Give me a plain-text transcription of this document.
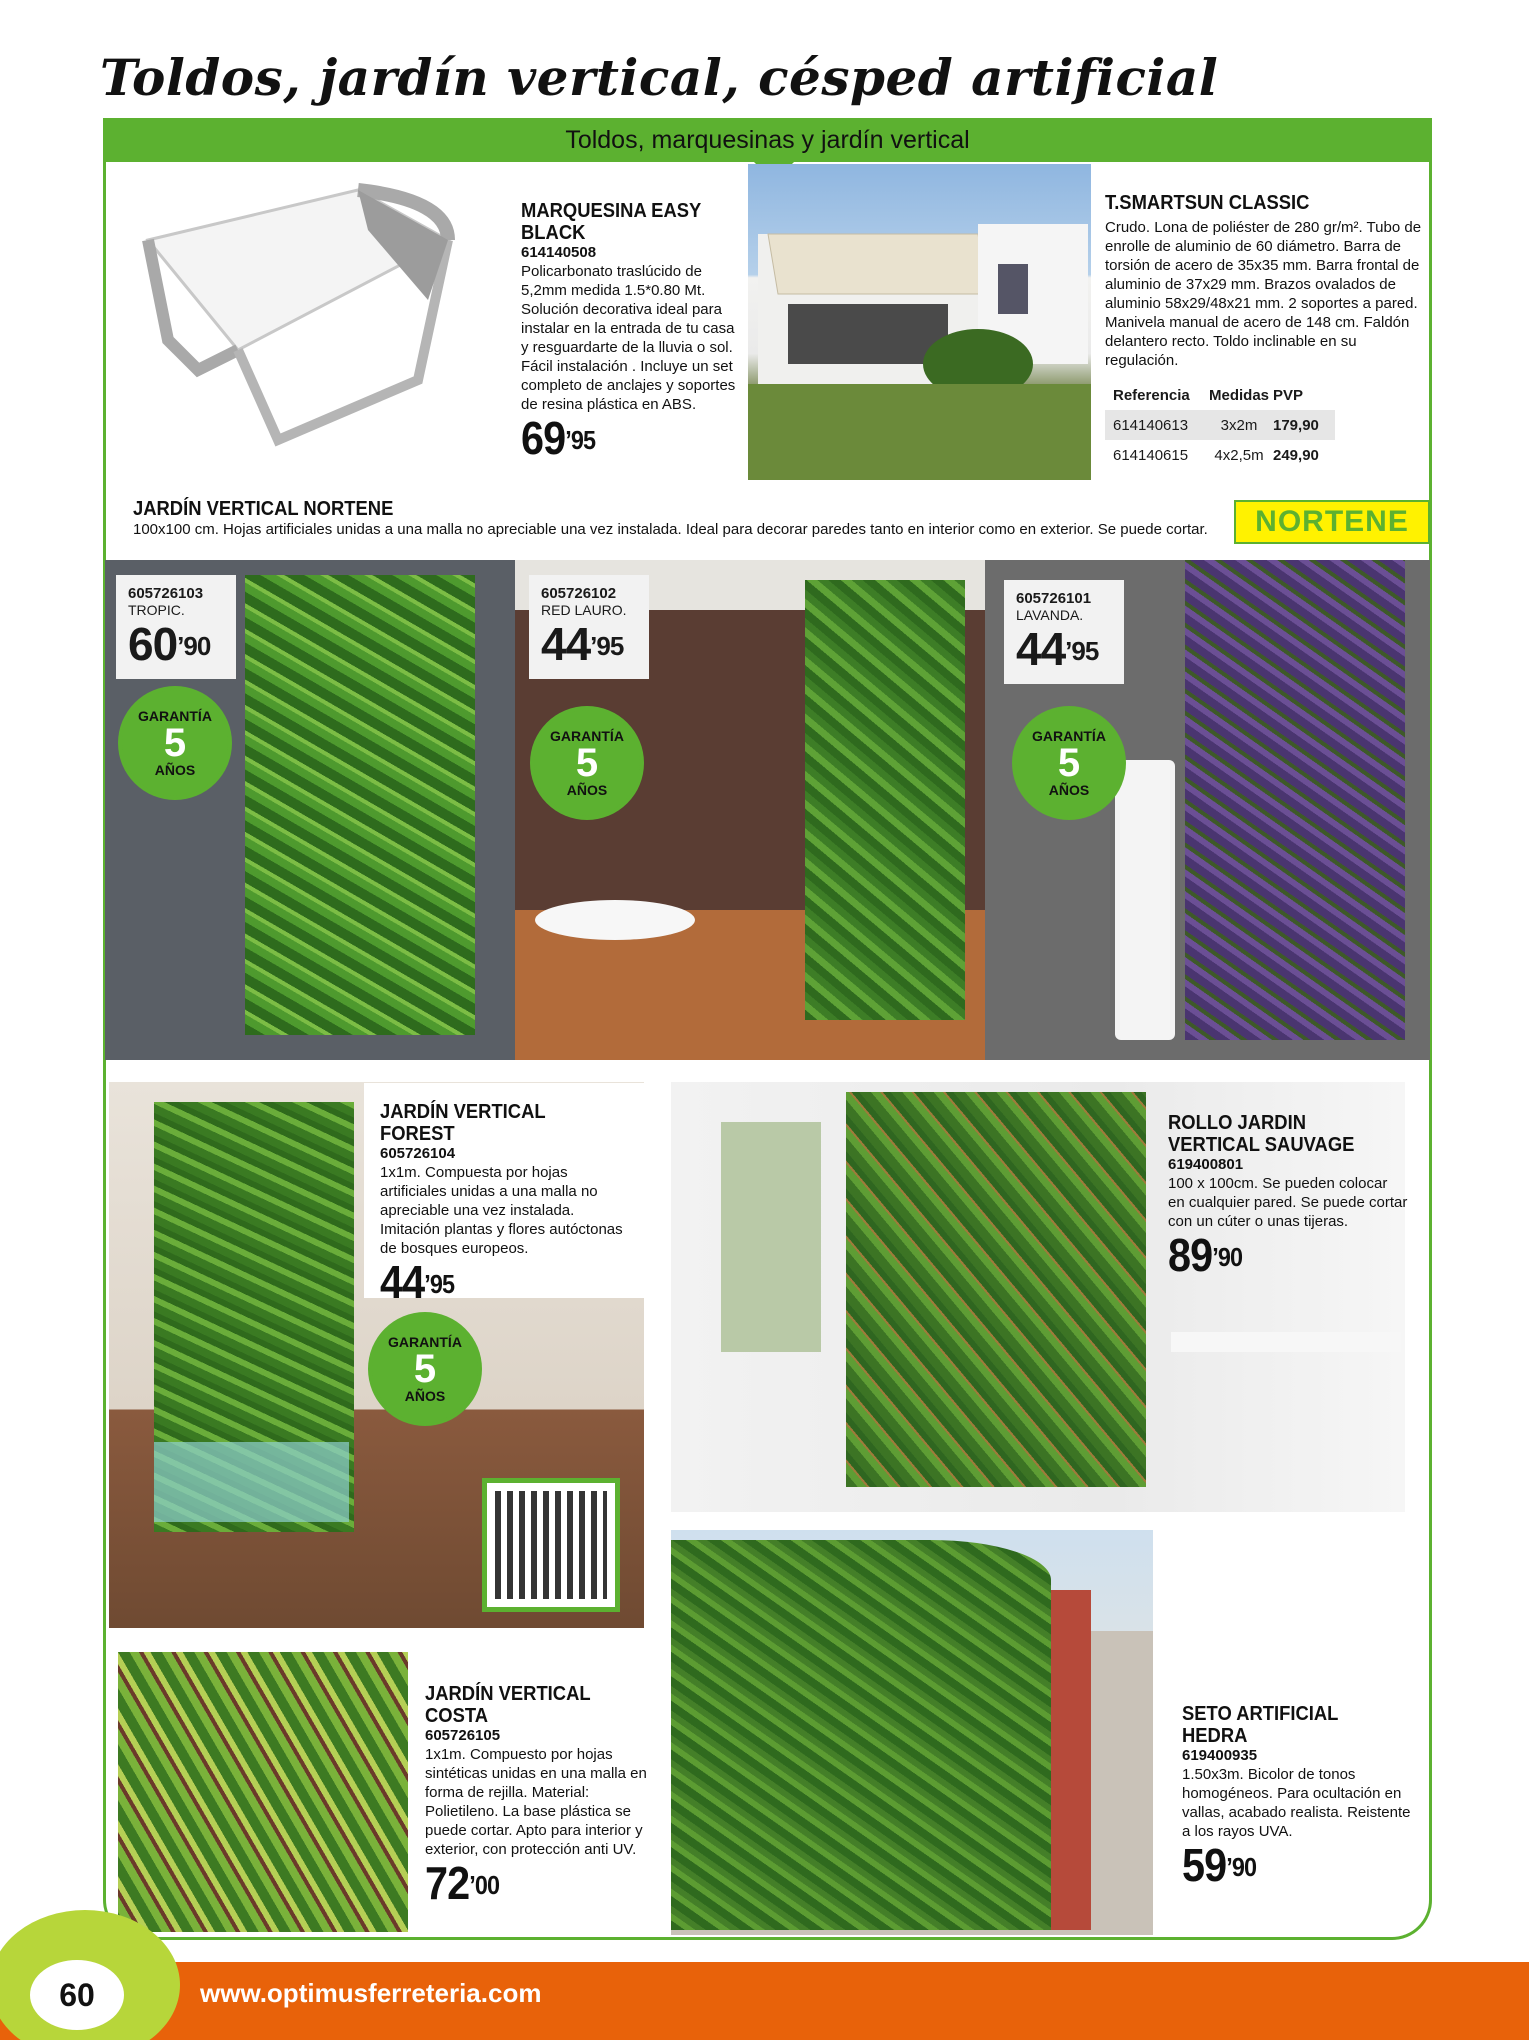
Toldos, jardín vertical, césped artificial
Toldos, marquesinas y jardín vertical
MARQUESINA EASY BLACK
614140508
Policarbonato traslúcido de 5,2mm medida 1.5*0.80 Mt. Solución decorativa ideal para instalar en la entrada de tu casa y resguardarte de la lluvia o sol. Fácil instalación . Incluye un set completo de anclajes y soportes de resina plástica en ABS.
$69^{’95}$
T.SMARTSUN CLASSIC
Crudo. Lona de poliéster de 280 gr/m². Tubo de enrolle de aluminio de 60 diámetro. Barra de torsión de acero de 35x35 mm. Barra frontal de aluminio de 37x29 mm. Brazos ovalados de aluminio 58x29/48x21 mm. 2 soportes a pared. Manivela manual de acero de 148 cm. Faldón delantero recto. Toldo inclinable en su regulación.
Referencia	Medidas PVP
614140613	3x2m	179,90
614140615	4x2,5m 249,90
JARDÍN VERTICAL NORTENE
100x100 cm. Hojas artificiales unidas a una malla no apreciable una vez instalada. Ideal para decorar paredes tanto en interior como en exterior. Se puede cortar.	NORTENE
605726103
TROPIC.
$60^{’90}$
605726102
RED LAURO.
$44^{’95}$
605726101
LAVANDA.
$44^{’95}$
GARANTÍA
5
AÑOS
GARANTÍA
5
AÑOS
GARANTÍA
5
AÑOS
JARDÍN VERTICAL FOREST
605726104
1x1m. Compuesta por hojas artificiales unidas a una malla no apreciable una vez instalada. Imitación plantas y flores autóctonas de bosques europeos.
$44^{’95}$
GARANTÍA
5
AÑOS
ROLLO JARDIN VERTICAL SAUVAGE
619400801
100 x 100cm. Se pueden colocar en cualquier pared. Se puede cortar con un cúter o unas tijeras.
$89^{’90}$
JARDÍN VERTICAL COSTA
605726105
1x1m. Compuesto por hojas sintéticas unidas en una malla en forma de rejilla. Material: Polietileno. La base plástica se puede cortar. Apto para interior y exterior, con protección anti UV.
$72^{’00}$
SETO ARTIFICIAL HEDRA
619400935
1.50x3m. Bicolor de tonos homogéneos. Para ocultación en vallas, acabado realista. Reistente a los rayos UVA.
$59^{’90}$
60	www.optimusferreteria.com
